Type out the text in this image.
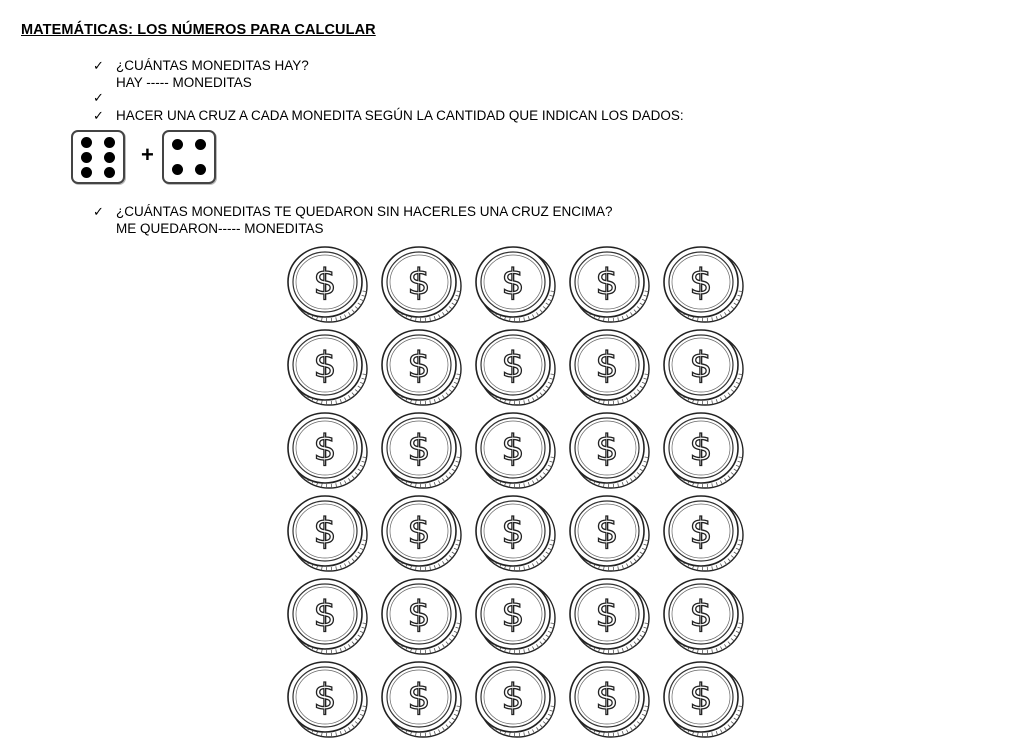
MATEMÁTICAS: LOS NÚMEROS PARA CALCULAR
✓ ¿CUÁNTAS MONEDITAS HAY?
HAY ----- MONEDITAS
✓
✓ HACER UNA CRUZ A CADA MONEDITA SEGÚN LA CANTIDAD QUE INDICAN LOS DADOS:
+
✓ ¿CUÁNTAS MONEDITAS TE QUEDARON SIN HACERLES UNA CRUZ ENCIMA?
ME QUEDARON----- MONEDITAS
$ $ $ $ $
$ $ $ $ $
$ $ $ $ $
$ $ $ $ $
$ $ $ $ $
$ $ $ $ $
